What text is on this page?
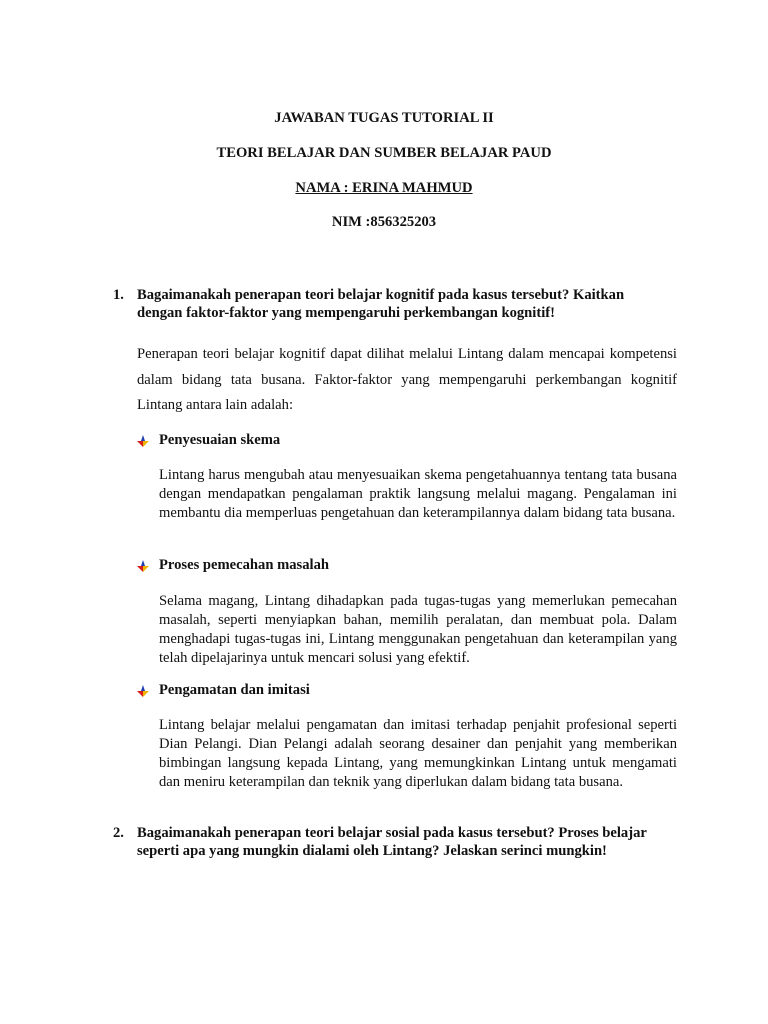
JAWABAN TUGAS TUTORIAL II
TEORI BELAJAR DAN SUMBER BELAJAR PAUD
NAMA : ERINA MAHMUD
NIM :856325203
1. Bagaimanakah penerapan teori belajar kognitif pada kasus tersebut? Kaitkan dengan faktor-faktor yang mempengaruhi perkembangan kognitif!
Penerapan teori belajar kognitif dapat dilihat melalui Lintang dalam mencapai kompetensi dalam bidang tata busana. Faktor-faktor yang mempengaruhi perkembangan kognitif Lintang antara lain adalah:
Penyesuaian skema
Lintang harus mengubah atau menyesuaikan skema pengetahuannya tentang tata busana dengan mendapatkan pengalaman praktik langsung melalui magang. Pengalaman ini membantu dia memperluas pengetahuan dan keterampilannya dalam bidang tata busana.
Proses pemecahan masalah
Selama magang, Lintang dihadapkan pada tugas-tugas yang memerlukan pemecahan masalah, seperti menyiapkan bahan, memilih peralatan, dan membuat pola. Dalam menghadapi tugas-tugas ini, Lintang menggunakan pengetahuan dan keterampilan yang telah dipelajarinya untuk mencari solusi yang efektif.
Pengamatan dan imitasi
Lintang belajar melalui pengamatan dan imitasi terhadap penjahit profesional seperti Dian Pelangi. Dian Pelangi adalah seorang desainer dan penjahit yang memberikan bimbingan langsung kepada Lintang, yang memungkinkan Lintang untuk mengamati dan meniru keterampilan dan teknik yang diperlukan dalam bidang tata busana.
2. Bagaimanakah penerapan teori belajar sosial pada kasus tersebut? Proses belajar seperti apa yang mungkin dialami oleh Lintang? Jelaskan serinci mungkin!
